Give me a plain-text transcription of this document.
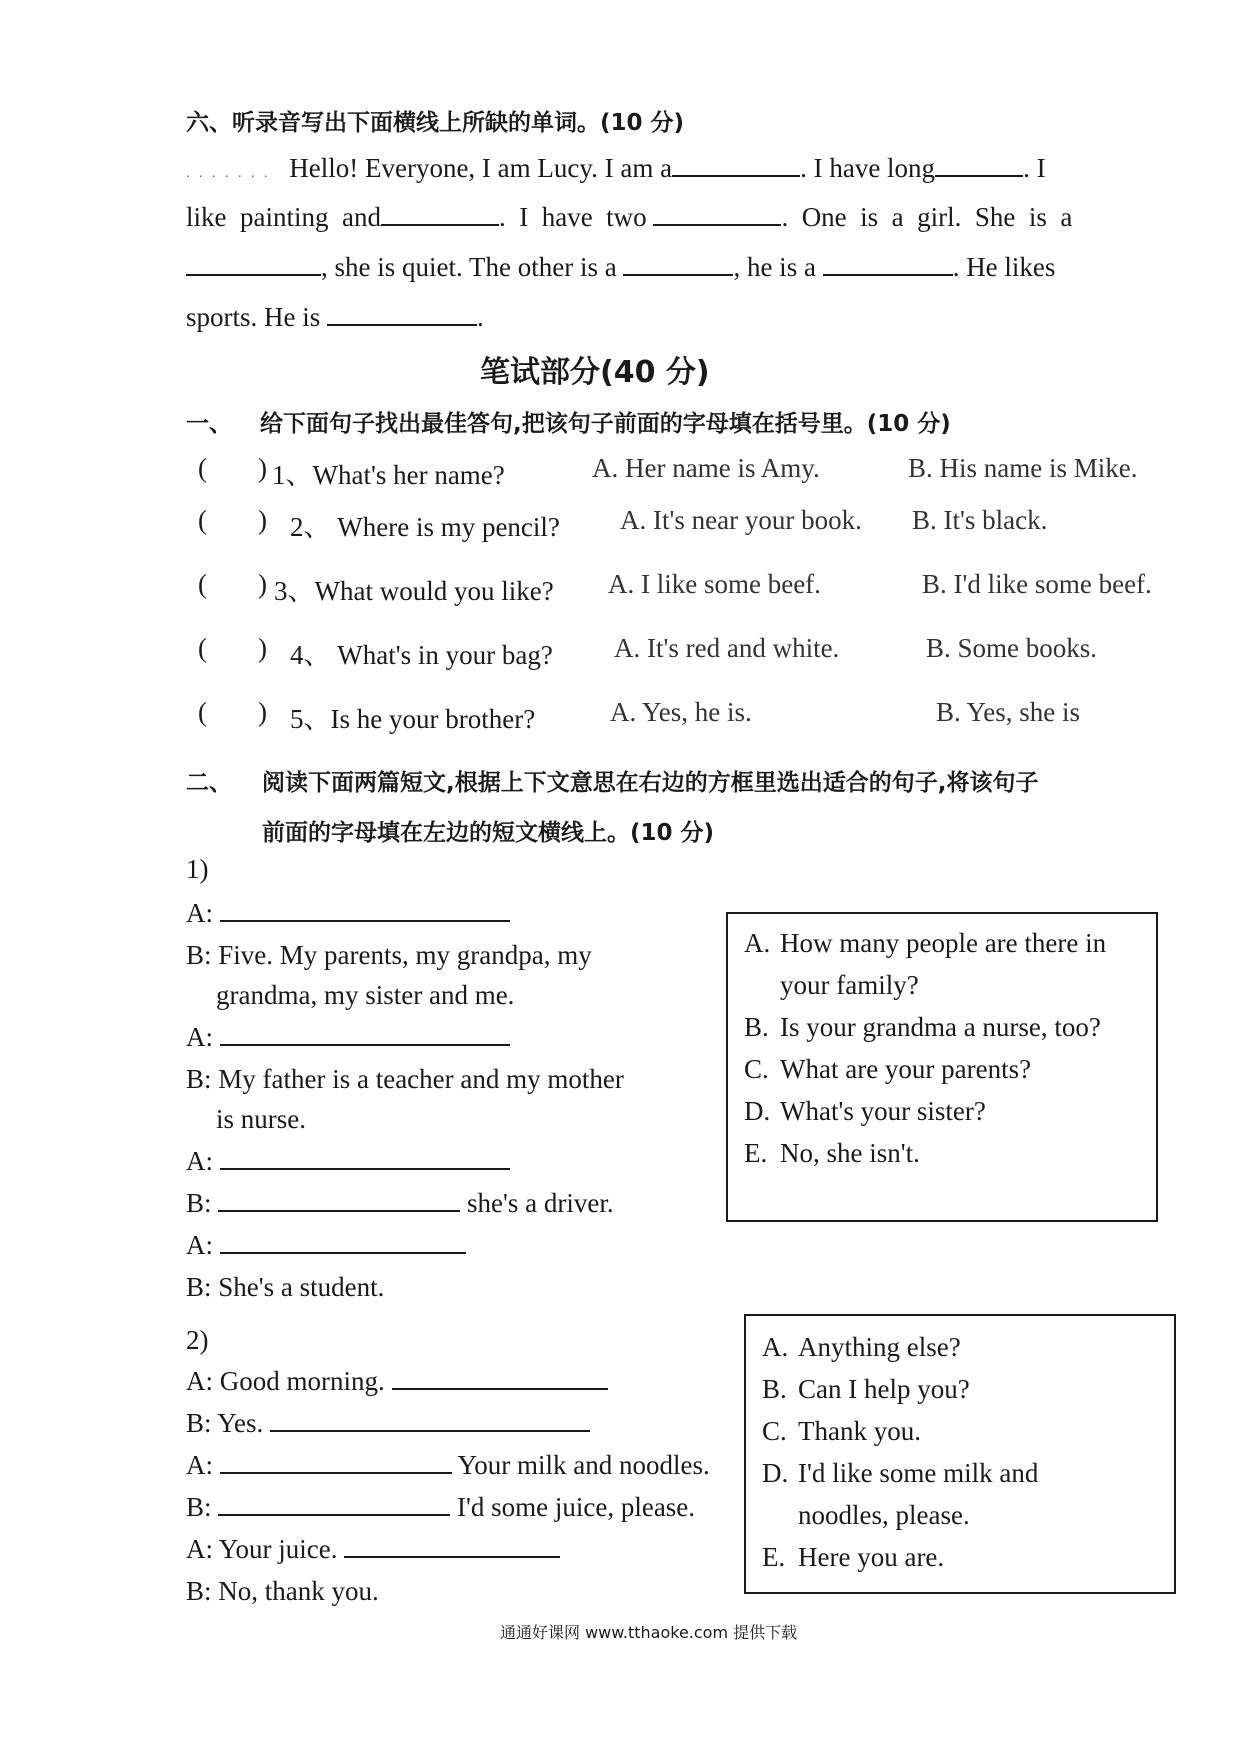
六、听录音写出下面横线上所缺的单词。(10 分)
. . . . . . . Hello! Everyone, I am Lucy. I am a	. I have long	. I
like  painting  and	.  I  have  two	.  One  is  a  girl.  She  is  a
, she is quiet. The other is a	, he is a	. He likes
sports. He is	.
笔试部分(40 分)
一、 给下面句子找出最佳答句,把该句子前面的字母填在括号里。(10 分)
( ) 1、What's her name?	A. Her name is Amy.	B. His name is Mike.
( ) 2、 Where is my pencil? A. It's near your book. B. It's black.
( ) 3、What would you like? A. I like some beef.	B. I'd like some beef.
( ) 4、 What's in your bag? A. It's red and white.	B. Some books.
( ) 5、Is he your brother?	A. Yes, he is.	B. Yes, she is
二、 阅读下面两篇短文,根据上下文意思在右边的方框里选出适合的句子,将该句子
前面的字母填在左边的短文横线上。(10 分)
1)
A:
B: Five. My parents, my grandpa, my
grandma, my sister and me.
A:
B: My father is a teacher and my mother
is nurse.
A:
B:	she's a driver.
A:
B: She's a student.
A. How many people are there in
your family?
B. Is your grandma a nurse, too?
C. What are your parents?
D. What's your sister?
E. No, she isn't.
2)
A: Good morning.
B: Yes.
A:	Your milk and noodles.
B:	I'd some juice, please.
A: Your juice.
B: No, thank you.
A. Anything else?
B. Can I help you?
C. Thank you.
D. I'd like some milk and
noodles, please.
E. Here you are.
通通好课网 www.tthaoke.com 提供下载
